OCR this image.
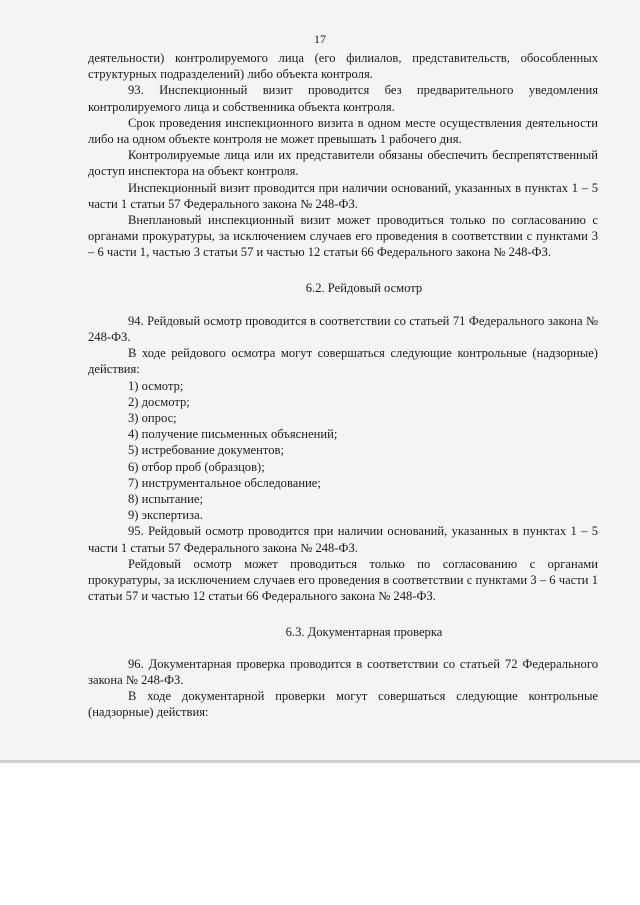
17

деятельности) контролируемого лица (его филиалов, представительств, обособленных структурных подразделений) либо объекта контроля.

93. Инспекционный визит проводится без предварительного уведомления контролируемого лица и собственника объекта контроля.

Срок проведения инспекционного визита в одном месте осуществления деятельности либо на одном объекте контроля не может превышать 1 рабочего дня.

Контролируемые лица или их представители обязаны обеспечить беспрепятственный доступ инспектора на объект контроля.

Инспекционный визит проводится при наличии оснований, указанных в пунктах 1 – 5 части 1 статьи 57 Федерального закона № 248-ФЗ.

Внеплановый инспекционный визит может проводиться только по согласованию с органами прокуратуры, за исключением случаев его проведения в соответствии с пунктами 3 – 6 части 1, частью 3 статьи 57 и частью 12 статьи 66 Федерального закона № 248-ФЗ.

6.2. Рейдовый осмотр

94. Рейдовый осмотр проводится в соответствии со статьей 71 Федерального закона № 248-ФЗ.

В ходе рейдового осмотра могут совершаться следующие контрольные (надзорные) действия:

1) осмотр;

2) досмотр;

3) опрос;

4) получение письменных объяснений;

5) истребование документов;

6) отбор проб (образцов);

7) инструментальное обследование;

8) испытание;

9) экспертиза.

95. Рейдовый осмотр проводится при наличии оснований, указанных в пунктах 1 – 5 части 1 статьи 57 Федерального закона № 248-ФЗ.

Рейдовый осмотр может проводиться только по согласованию с органами прокуратуры, за исключением случаев его проведения в соответствии с пунктами 3 – 6 части 1 статьи 57 и частью 12 статьи 66 Федерального закона № 248-ФЗ.

6.3. Документарная проверка

96. Документарная проверка проводится в соответствии со статьей 72 Федерального закона № 248-ФЗ.

В ходе документарной проверки могут совершаться следующие контрольные (надзорные) действия:
